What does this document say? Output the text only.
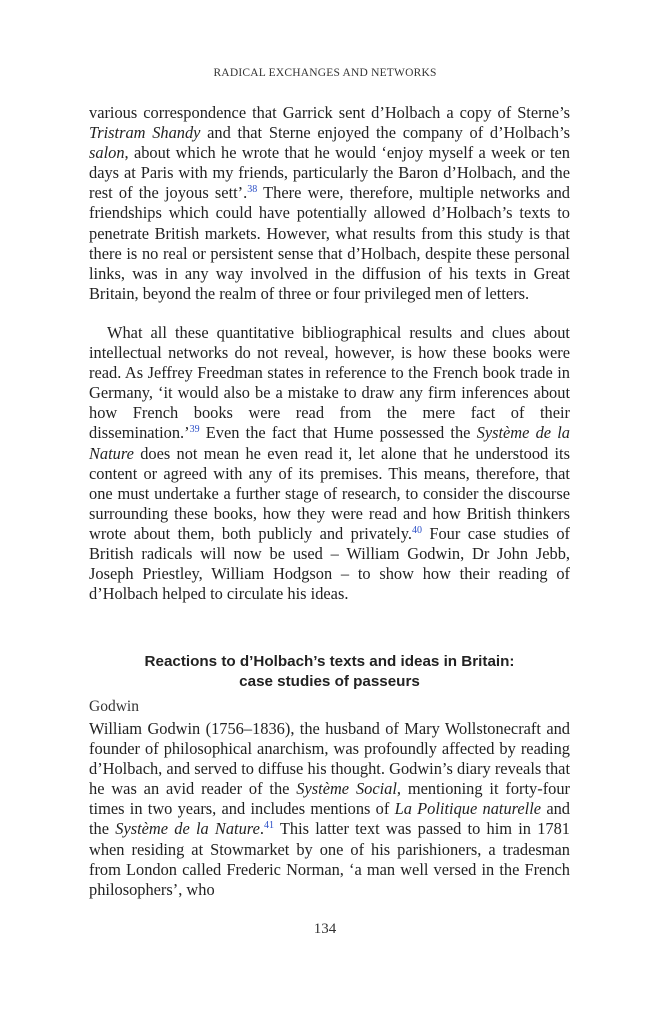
RADICAL EXCHANGES AND NETWORKS

various correspondence that Garrick sent d’Holbach a copy of Sterne’s Tristram Shandy and that Sterne enjoyed the company of d’Holbach’s salon, about which he wrote that he would ‘enjoy myself a week or ten days at Paris with my friends, particularly the Baron d’Holbach, and the rest of the joyous sett’.$^{38}$ There were, therefore, multiple networks and friendships which could have potentially allowed d’Holbach’s texts to penetrate British markets. However, what results from this study is that there is no real or persistent sense that d’Holbach, despite these personal links, was in any way involved in the diffusion of his texts in Great Britain, beyond the realm of three or four privileged men of letters.

What all these quantitative bibliographical results and clues about intellectual networks do not reveal, however, is how these books were read. As Jeffrey Freedman states in reference to the French book trade in Germany, ‘it would also be a mistake to draw any firm inferences about how French books were read from the mere fact of their dissemination.’$^{39}$ Even the fact that Hume possessed the Système de la Nature does not mean he even read it, let alone that he understood its content or agreed with any of its premises. This means, therefore, that one must undertake a further stage of research, to consider the discourse surrounding these books, how they were read and how British thinkers wrote about them, both publicly and privately.$^{40}$ Four case studies of British radicals will now be used – William Godwin, Dr John Jebb, Joseph Priestley, William Hodgson – to show how their reading of d’Holbach helped to circulate his ideas.

Reactions to d’Holbach’s texts and ideas in Britain:
case studies of passeurs
Godwin

William Godwin (1756–1836), the husband of Mary Wollstonecraft and founder of philosophical anarchism, was profoundly affected by reading d’Holbach, and served to diffuse his thought. Godwin’s diary reveals that he was an avid reader of the Système Social, mentioning it forty-four times in two years, and includes mentions of La Politique naturelle and the Système de la Nature.$^{41}$ This latter text was passed to him in 1781 when residing at Stowmarket by one of his parishioners, a tradesman from London called Frederic Norman, ‘a man well versed in the French philosophers’, who

134
